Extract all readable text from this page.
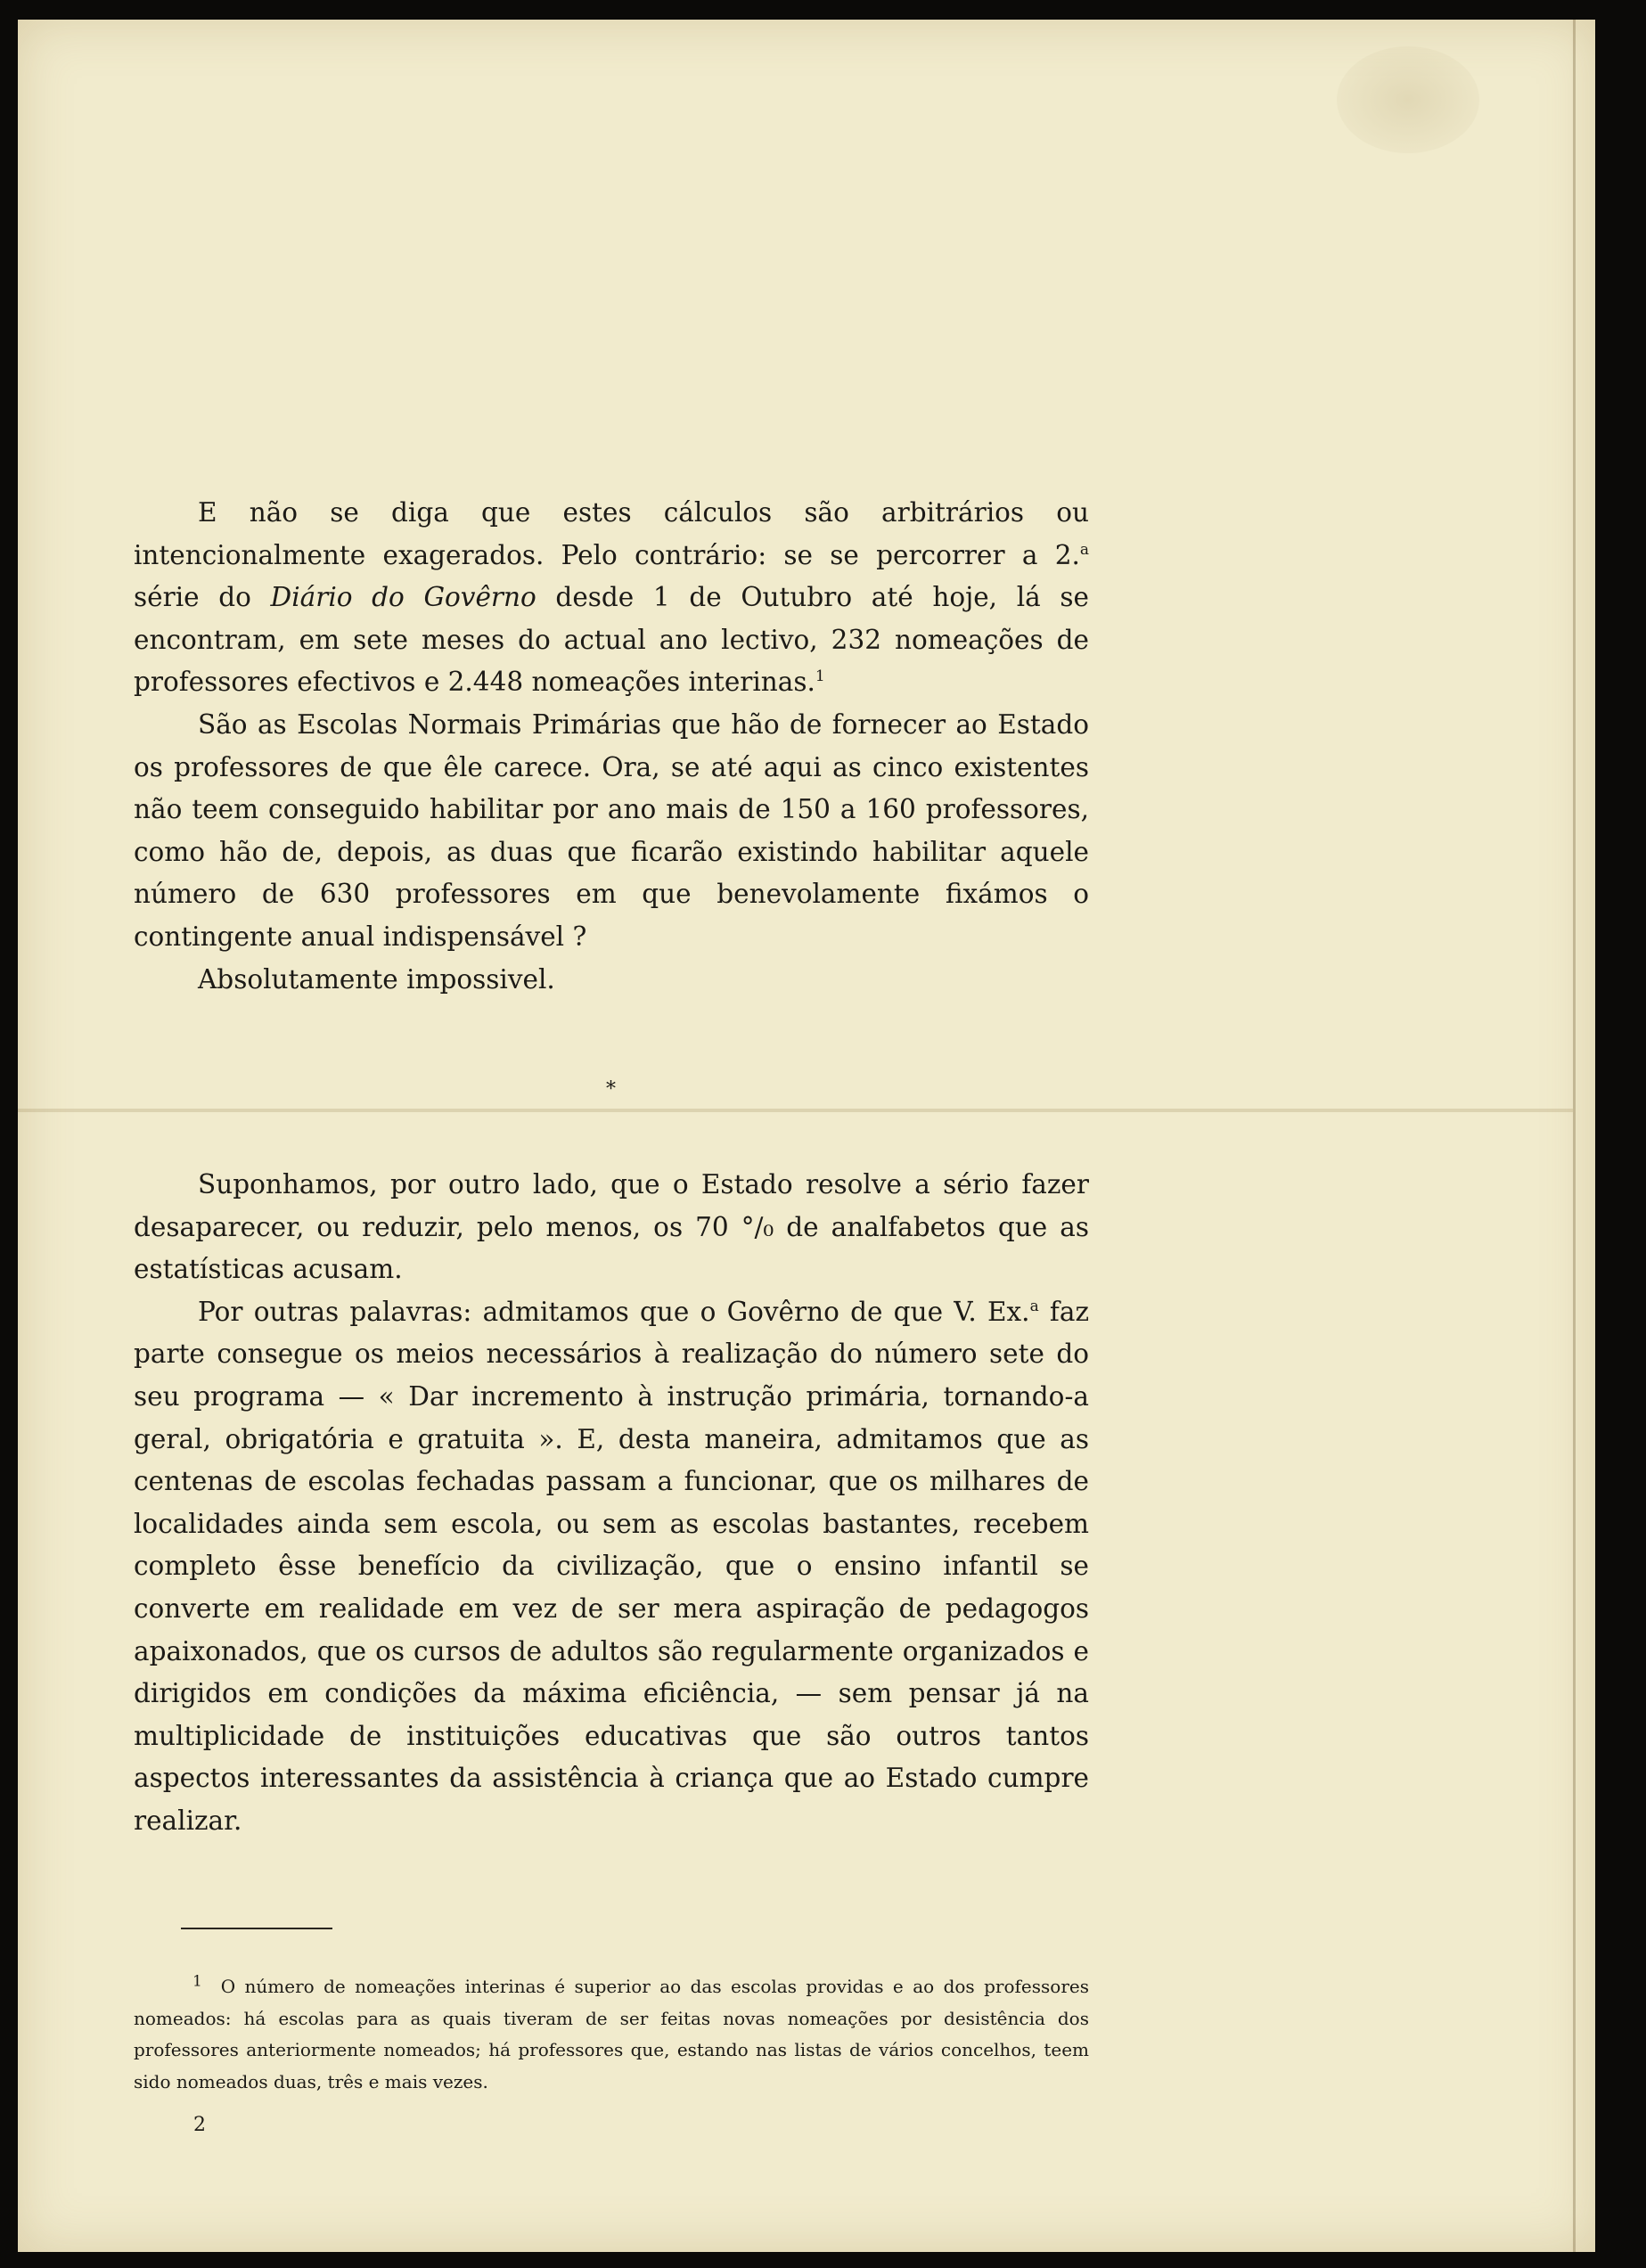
E não se diga que estes cálculos são arbitrários ou intencionalmente exagerados. Pelo contrário: se se percorrer a 2.$^a$ série do Diário do Govêrno desde 1 de Outubro até hoje, lá se encontram, em sete meses do actual ano lectivo, 232 nomeações de professores efectivos e 2.448 nomeações interinas.$^1$

São as Escolas Normais Primárias que hão de fornecer ao Estado os professores de que êle carece. Ora, se até aqui as cinco existentes não teem conseguido habilitar por ano mais de 150 a 160 professores, como hão de, depois, as duas que ficarão existindo habilitar aquele número de 630 professores em que benevolamente fixámos o contingente anual indispensável ?

Absolutamente impossivel.

*

Suponhamos, por outro lado, que o Estado resolve a sério fazer desaparecer, ou reduzir, pelo menos, os 70 °/₀ de analfabetos que as estatísticas acusam.

Por outras palavras: admitamos que o Govêrno de que V. Ex.$^a$ faz parte consegue os meios necessários à realização do número sete do seu programa — « Dar incremento à instrução primária, tornando-a geral, obrigatória e gratuita ». E, desta maneira, admitamos que as centenas de escolas fechadas passam a funcionar, que os milhares de localidades ainda sem escola, ou sem as escolas bastantes, recebem completo êsse benefício da civilização, que o ensino infantil se converte em realidade em vez de ser mera aspiração de pedagogos apaixonados, que os cursos de adultos são regularmente organizados e dirigidos em condições da máxima eficiência, — sem pensar já na multiplicidade de instituições educativas que são outros tantos aspectos interessantes da assistência à criança que ao Estado cumpre realizar.

$^1$ O número de nomeações interinas é superior ao das escolas providas e ao dos professores nomeados: há escolas para as quais tiveram de ser feitas novas nomeações por desistência dos professores anteriormente nomeados; há professores que, estando nas listas de vários concelhos, teem sido nomeados duas, três e mais vezes.

2
